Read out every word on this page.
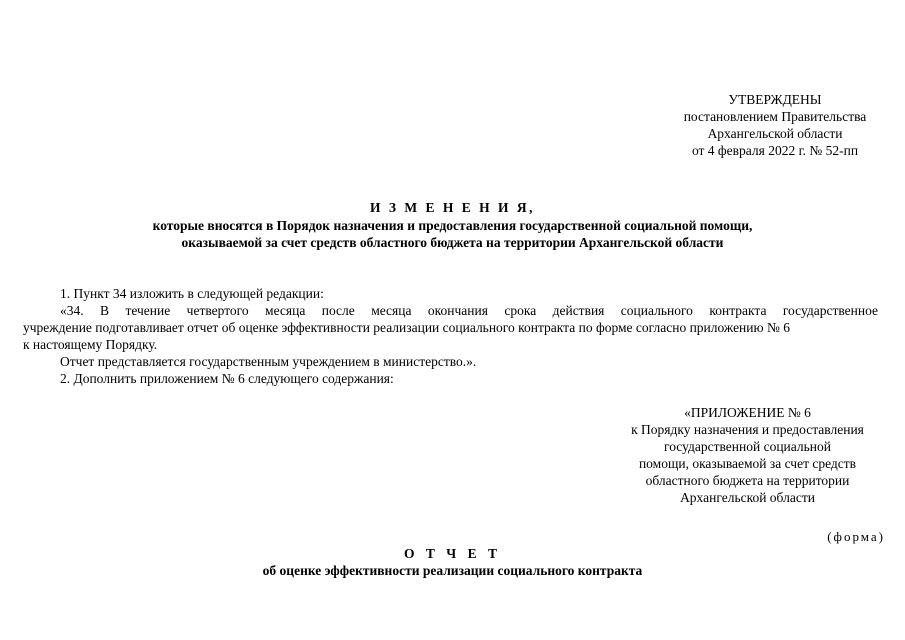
УТВЕРЖДЕНЫ
постановлением Правительства
Архангельской области
от 4 февраля 2022 г. № 52-пп
И З М Е Н Е Н И Я,
которые вносятся в Порядок назначения и предоставления государственной социальной помощи,
оказываемой за счет средств областного бюджета на территории Архангельской области

1. Пункт 34 изложить в следующей редакции:

«34. В течение четвертого месяца после месяца окончания срока действия социального контракта государственное

учреждение подготавливает отчет об оценке эффективности реализации социального контракта по форме согласно приложению № 6

к настоящему Порядку.

Отчет представляется государственным учреждением в министерство.».

2. Дополнить приложением № 6 следующего содержания:

«ПРИЛОЖЕНИЕ № 6
к Порядку назначения и предоставления
государственной социальной
помощи, оказываемой за счет средств
областного бюджета на территории
Архангельской области
(форма)
О Т Ч Е Т
об оценке эффективности реализации социального контракта
